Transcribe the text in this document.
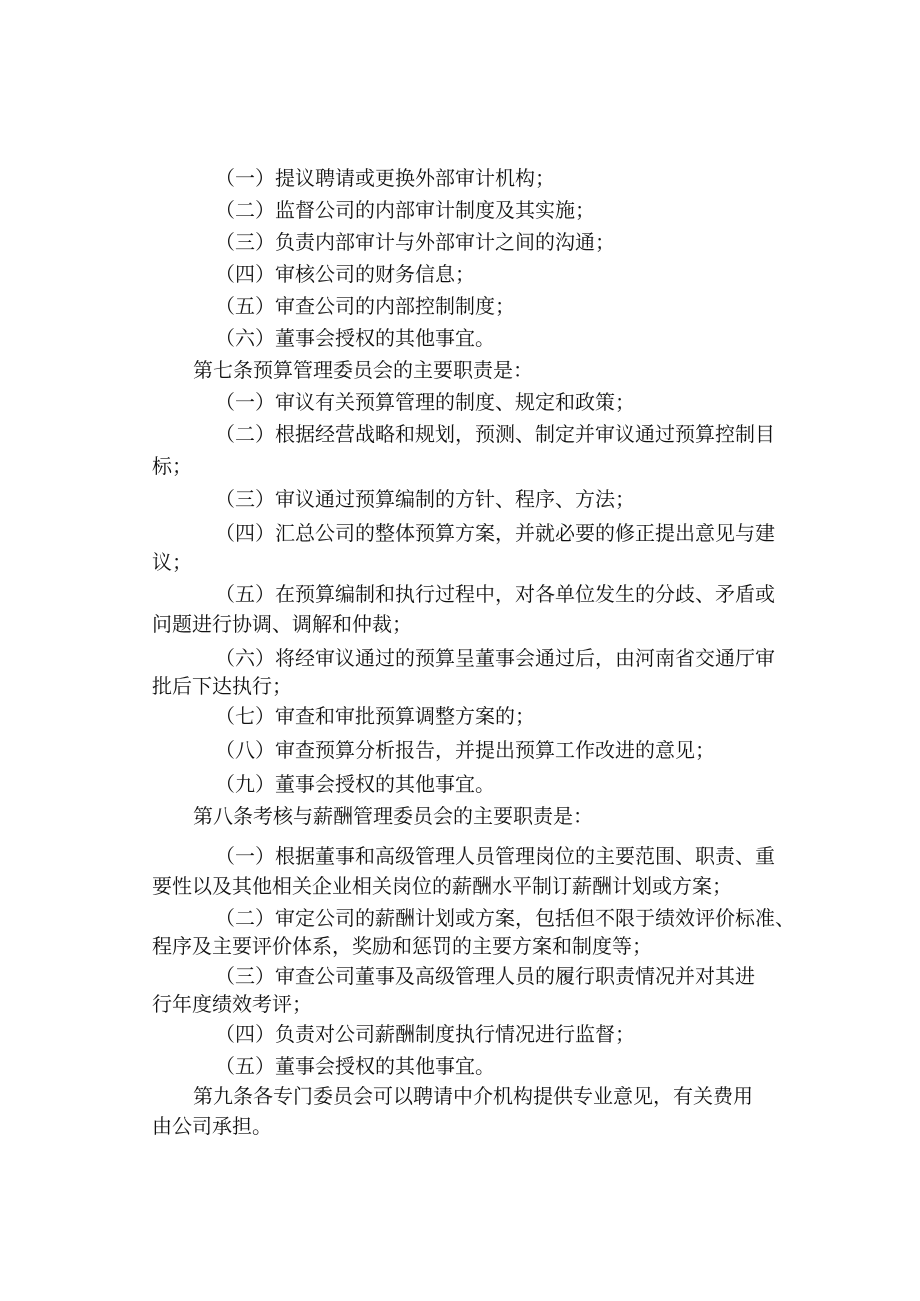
（一）提议聘请或更换外部审计机构；
（二）监督公司的内部审计制度及其实施；
（三）负责内部审计与外部审计之间的沟通；
（四）审核公司的财务信息；
（五）审查公司的内部控制制度；
（六）董事会授权的其他事宜。
第七条预算管理委员会的主要职责是：
（一）审议有关预算管理的制度、规定和政策；
（二）根据经营战略和规划，预测、制定并审议通过预算控制目
标；
（三）审议通过预算编制的方针、程序、方法；
（四）汇总公司的整体预算方案，并就必要的修正提出意见与建
议；
（五）在预算编制和执行过程中，对各单位发生的分歧、矛盾或
问题进行协调、调解和仲裁；
（六）将经审议通过的预算呈董事会通过后，由河南省交通厅审
批后下达执行；
（七）审查和审批预算调整方案的；
（八）审查预算分析报告，并提出预算工作改进的意见；
（九）董事会授权的其他事宜。
第八条考核与薪酬管理委员会的主要职责是：
（一）根据董事和高级管理人员管理岗位的主要范围、职责、重
要性以及其他相关企业相关岗位的薪酬水平制订薪酬计划或方案；
（二）审定公司的薪酬计划或方案，包括但不限于绩效评价标准、
程序及主要评价体系，奖励和惩罚的主要方案和制度等；
（三）审查公司董事及高级管理人员的履行职责情况并对其进
行年度绩效考评；
（四）负责对公司薪酬制度执行情况进行监督；
（五）董事会授权的其他事宜。
第九条各专门委员会可以聘请中介机构提供专业意见，有关费用
由公司承担。
